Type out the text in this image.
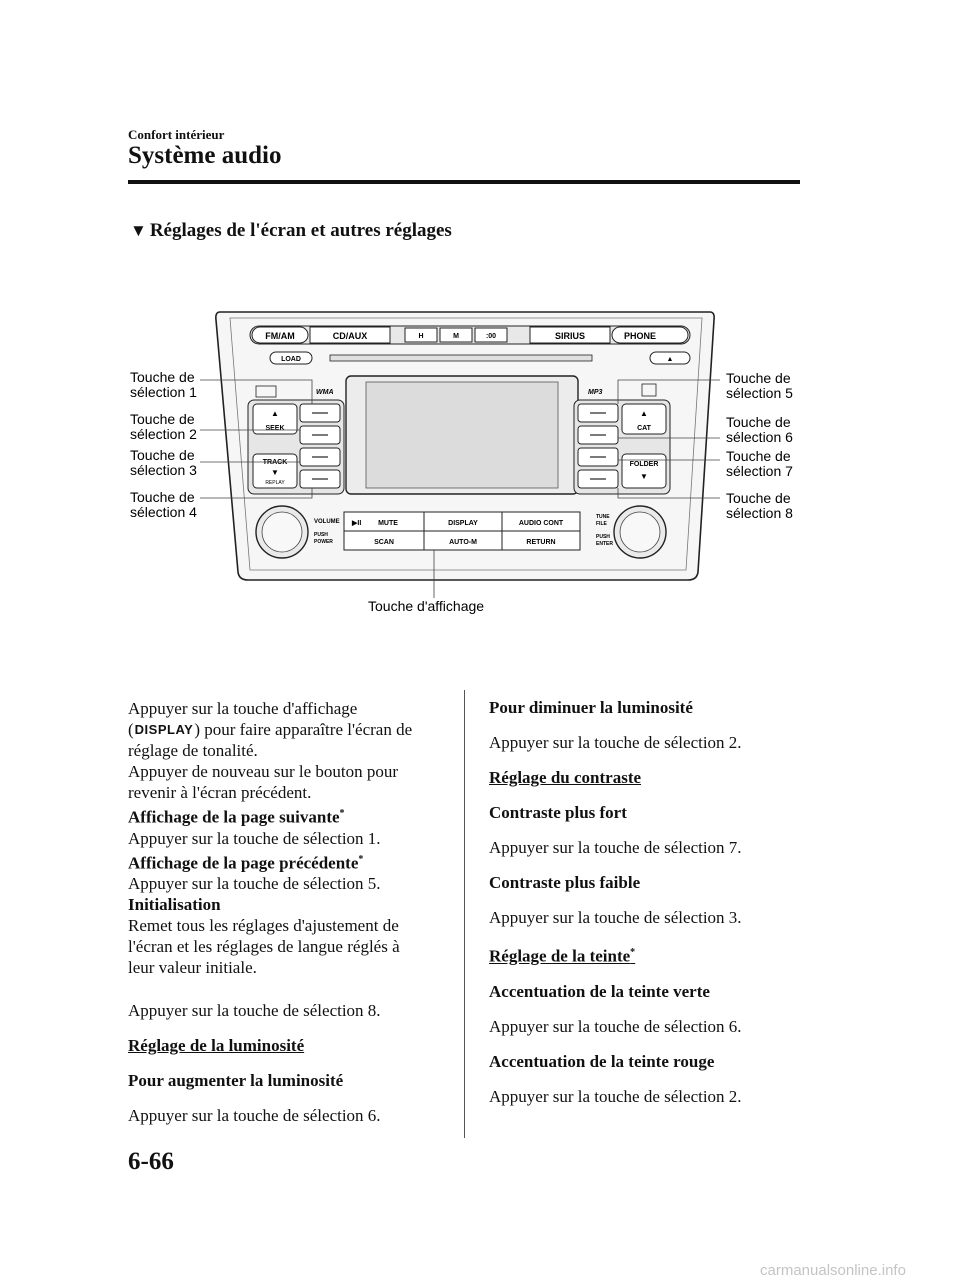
Confort intérieur
Système audio
▼ Réglages de l'écran et autres réglages
FM/AM	CD/AUX	H	M	:00	SIRIUS	PHONE
LOAD	▲
WMA	MP3
▲
SEEK
TRACK
▼
REPLAY
▲
CAT
FOLDER
▼
VOLUME
PUSH
POWER
TUNE
FILE
PUSH
ENTER
▶II MUTE	DISPLAY	AUDIO CONT
SCAN	AUTO-M	RETURN
Touche de
sélection 1
Touche de
sélection 2
Touche de
sélection 3
Touche de
sélection 4
Touche de
sélection 5
Touche de
sélection 6
Touche de
sélection 7
Touche de
sélection 8
Touche d'affichage

Appuyer sur la touche d'affichage

(DISPLAY) pour faire apparaître l'écran de

réglage de tonalité.

Appuyer de nouveau sur le bouton pour

revenir à l'écran précédent.

Affichage de la page suivante*

Appuyer sur la touche de sélection 1.

Affichage de la page précédente*

Appuyer sur la touche de sélection 5.

Initialisation

Remet tous les réglages d'ajustement de

l'écran et les réglages de langue réglés à

leur valeur initiale.

Appuyer sur la touche de sélection 8.

Réglage de la luminosité

Pour augmenter la luminosité

Appuyer sur la touche de sélection 6.

Pour diminuer la luminosité

Appuyer sur la touche de sélection 2.

Réglage du contraste

Contraste plus fort

Appuyer sur la touche de sélection 7.

Contraste plus faible

Appuyer sur la touche de sélection 3.

Réglage de la teinte*

Accentuation de la teinte verte

Appuyer sur la touche de sélection 6.

Accentuation de la teinte rouge

Appuyer sur la touche de sélection 2.

6-66
carmanualsonline.info
